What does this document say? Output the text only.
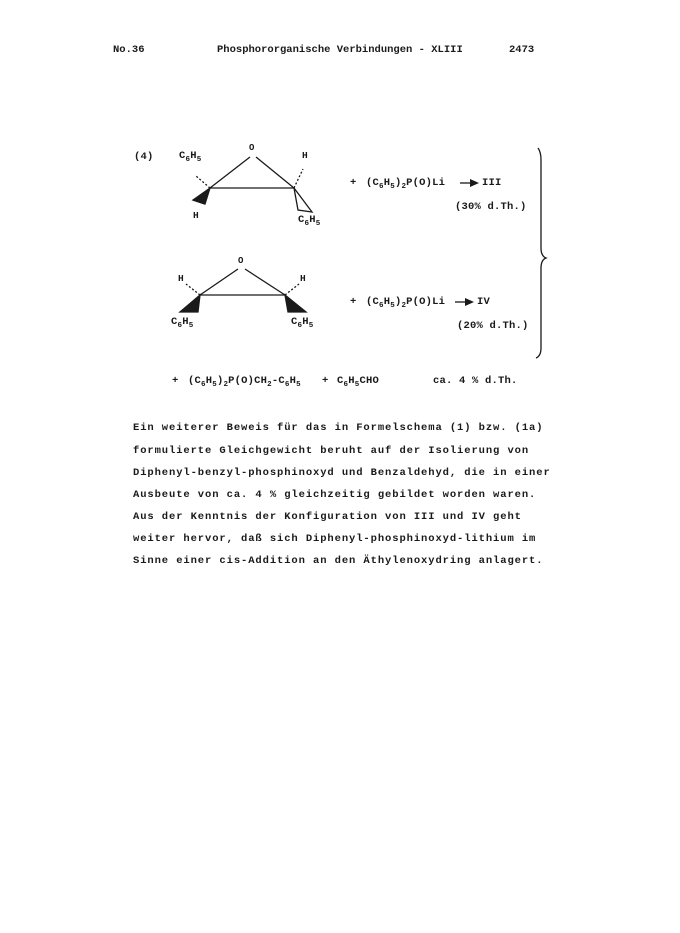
No.36	Phosphororganische Verbindungen - XLIII	2473
(4) $C_6H_5$
O
H
H	$C_6H_5$
+ $(C_6H_5)_2P(O)Li$	III
(30% d.Th.)
H
O
H
$C_6H_5$	$C_6H_5$
+ $(C_6H_5)_2P(O)Li$	IV
(20% d.Th.)
+ $(C_6H_5)_2P(O)CH_2-C_6H_5 + C_6H_5CHO$	ca. 4 % d.Th.
Ein weiterer Beweis für das in Formelschema (1) bzw. (1a)
formulierte Gleichgewicht beruht auf der Isolierung von
Diphenyl-benzyl-phosphinoxyd und Benzaldehyd, die in einer
Ausbeute von ca. 4 % gleichzeitig gebildet worden waren.
Aus der Kenntnis der Konfiguration von III und IV geht
weiter hervor, daß sich Diphenyl-phosphinoxyd-lithium im
Sinne einer cis-Addition an den Äthylenoxydring anlagert.
